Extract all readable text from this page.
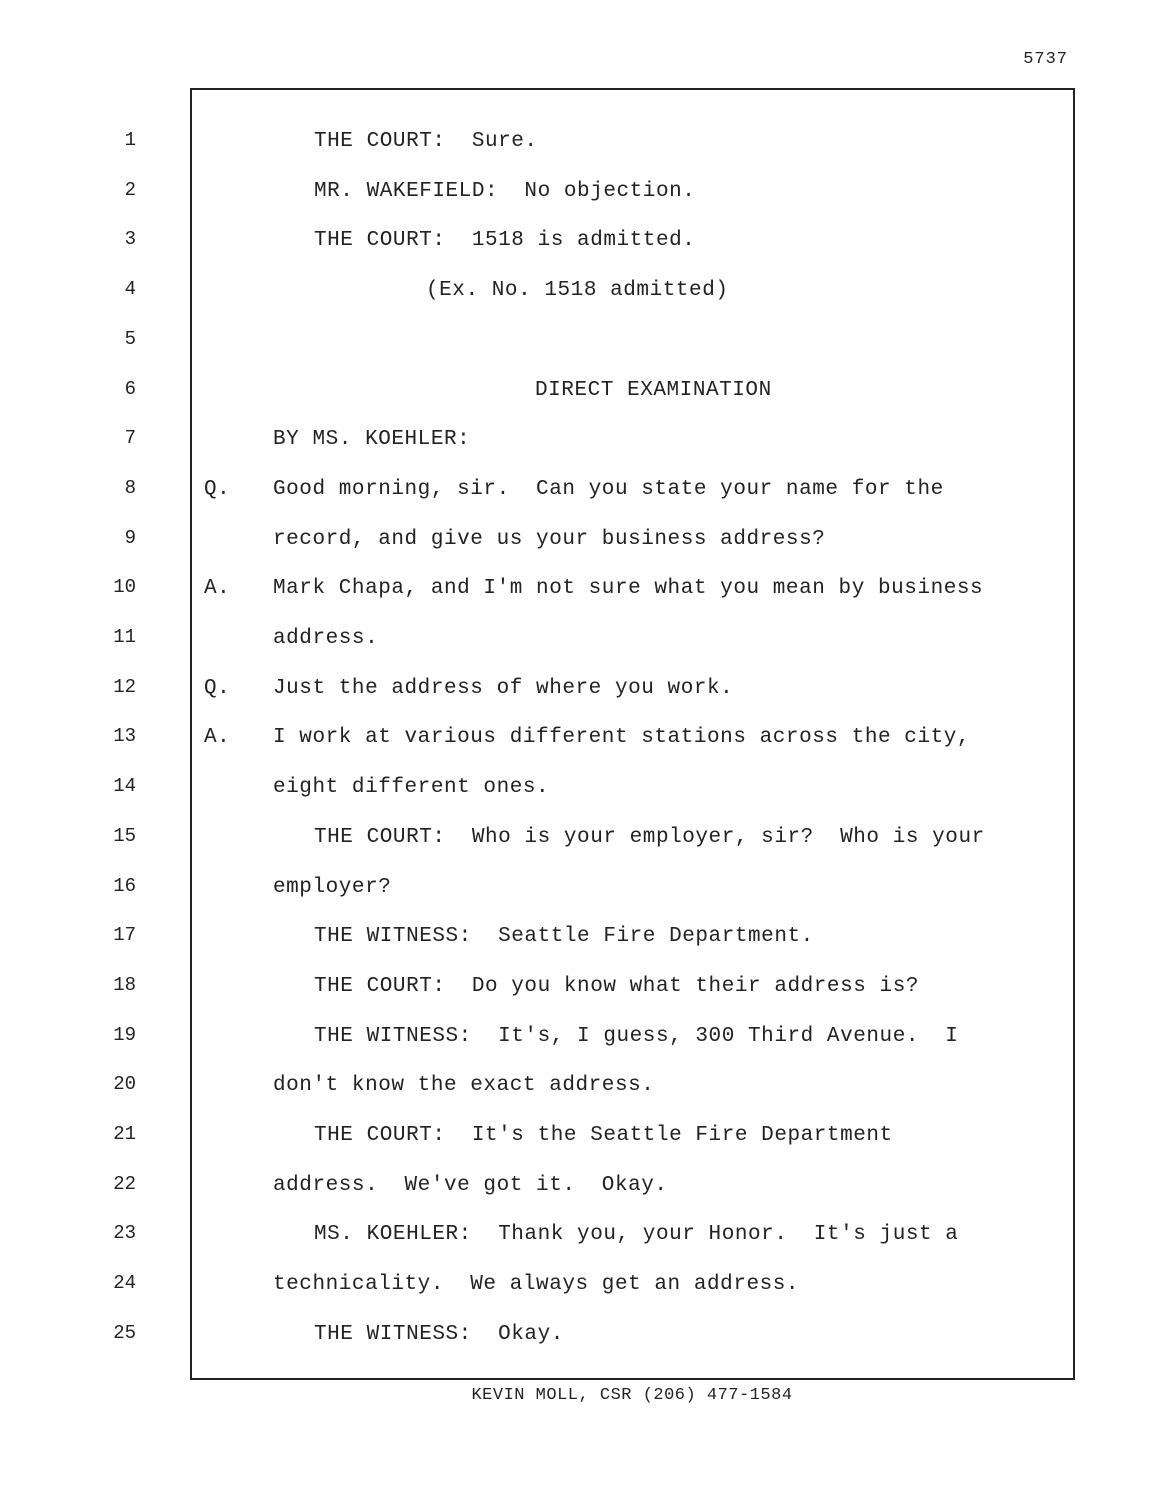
5737
THE COURT:  Sure.
MR. WAKEFIELD:  No objection.
THE COURT:  1518 is admitted.
(Ex. No. 1518 admitted)
DIRECT EXAMINATION
BY MS. KOEHLER:
Q. Good morning, sir.  Can you state your name for the
record, and give us your business address?
A. Mark Chapa, and I'm not sure what you mean by business
address.
Q. Just the address of where you work.
A. I work at various different stations across the city,
eight different ones.
THE COURT:  Who is your employer, sir?  Who is your
employer?
THE WITNESS:  Seattle Fire Department.
THE COURT:  Do you know what their address is?
THE WITNESS:  It's, I guess, 300 Third Avenue.  I
don't know the exact address.
THE COURT:  It's the Seattle Fire Department
address.  We've got it.  Okay.
MS. KOEHLER:  Thank you, your Honor.  It's just a
technicality.  We always get an address.
THE WITNESS:  Okay.
KEVIN MOLL, CSR (206) 477-1584
1
2
3
4
5
6
7
8
9
10
11
12
13
14
15
16
17
18
19
20
21
22
23
24
25
